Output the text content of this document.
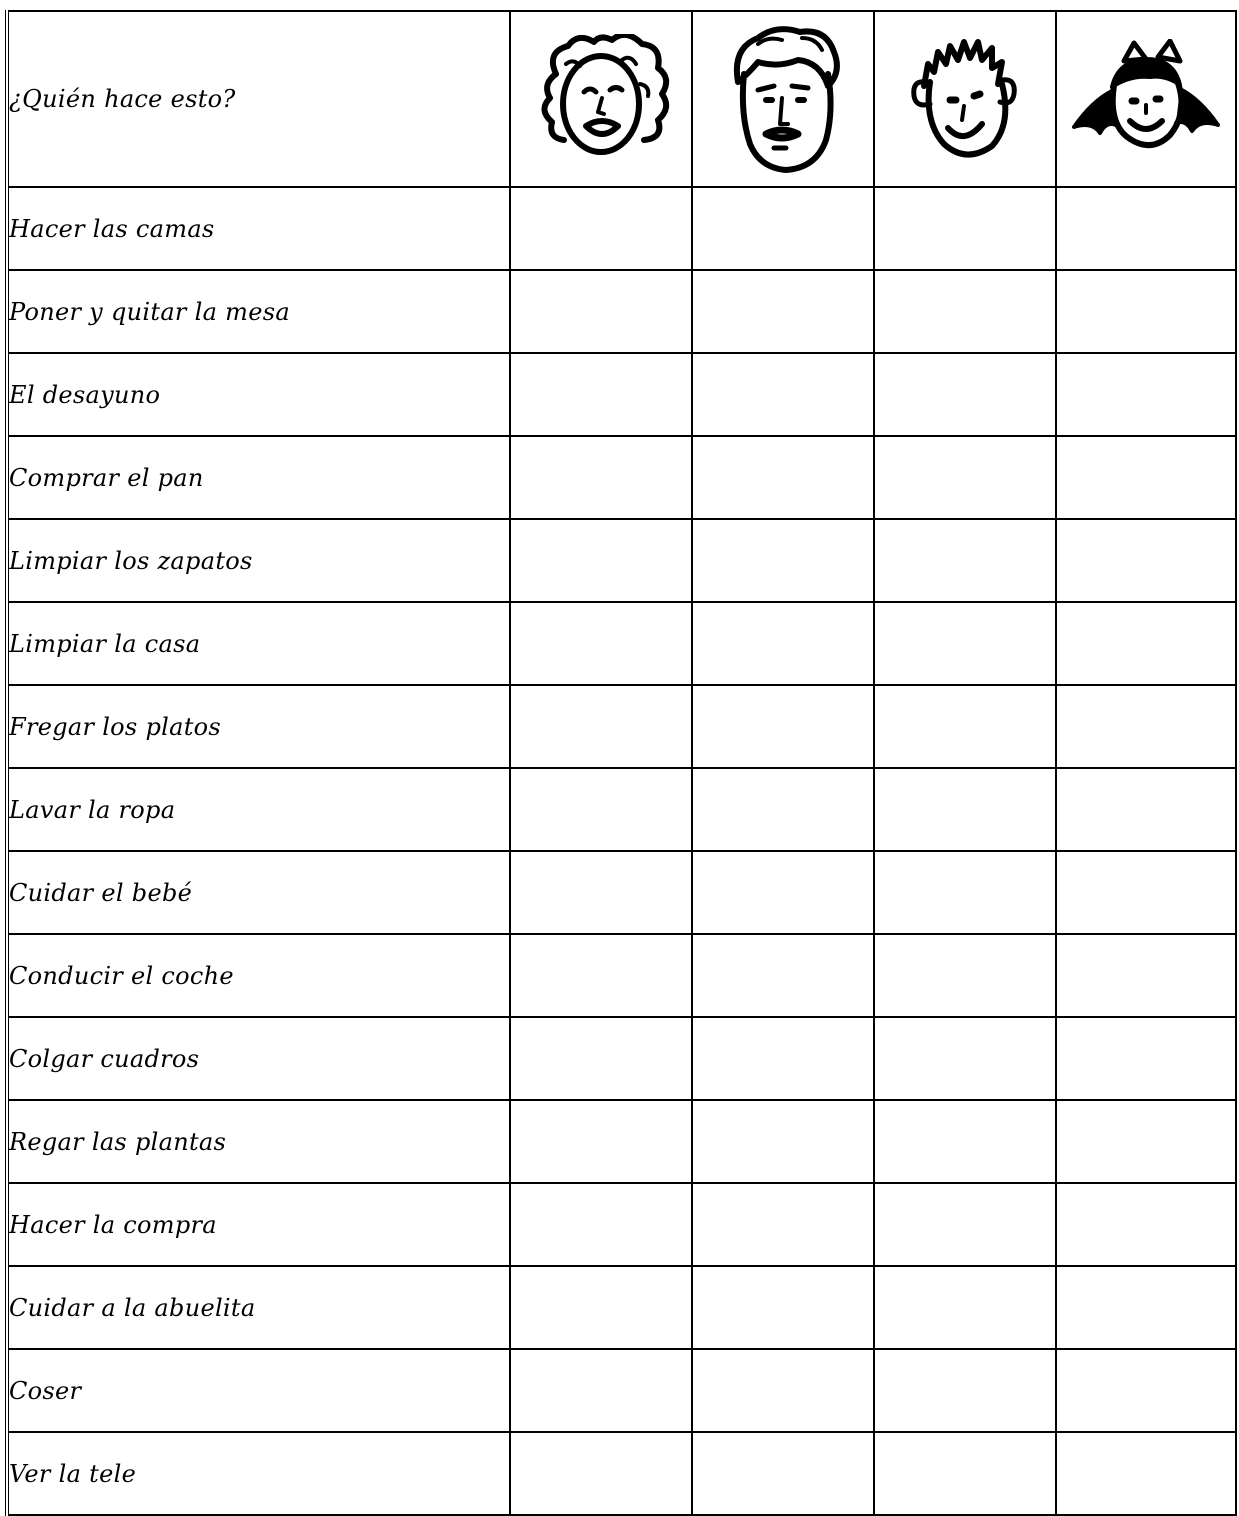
¿Quién hace esto?	

Hacer las camas				
Poner y quitar la mesa				
El desayuno				
Comprar el pan				
Limpiar los zapatos				
Limpiar la casa				
Fregar los platos				
Lavar la ropa				
Cuidar el bebé				
Conducir el coche				
Colgar cuadros				
Regar las plantas				
Hacer la compra				
Cuidar a la abuelita				
Coser				
Ver la tele				
